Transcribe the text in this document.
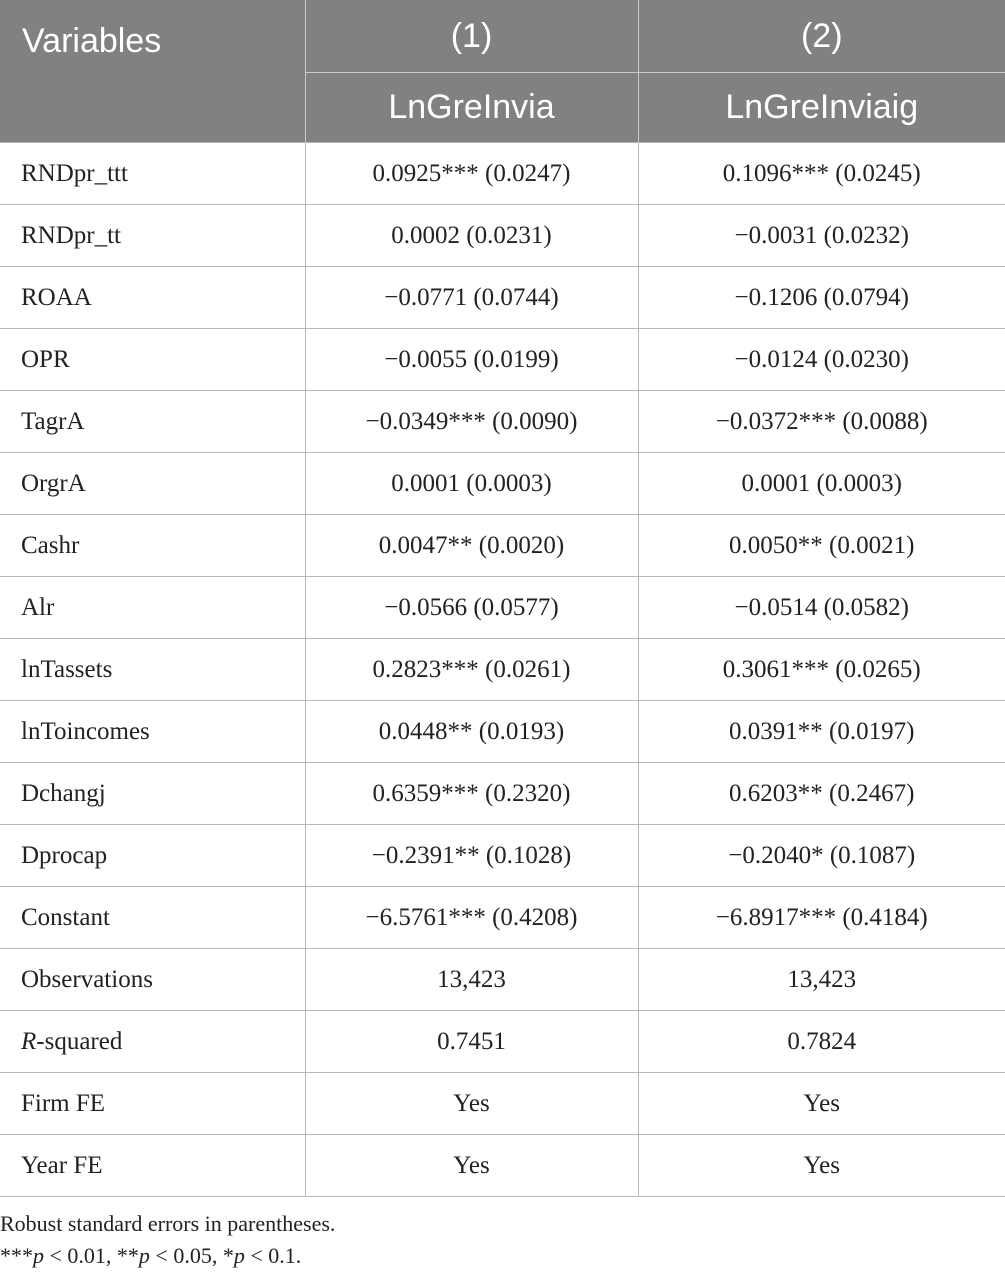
Variables	(1)	(2)
	LnGreInvia	LnGreInviaig
RNDpr_ttt	0.0925*** (0.0247)	0.1096*** (0.0245)
RNDpr_tt	0.0002 (0.0231)	−0.0031 (0.0232)
ROAA	−0.0771 (0.0744)	−0.1206 (0.0794)
OPR	−0.0055 (0.0199)	−0.0124 (0.0230)
TagrA	−0.0349*** (0.0090)	−0.0372*** (0.0088)
OrgrA	0.0001 (0.0003)	0.0001 (0.0003)
Cashr	0.0047** (0.0020)	0.0050** (0.0021)
Alr	−0.0566 (0.0577)	−0.0514 (0.0582)
lnTassets	0.2823*** (0.0261)	0.3061*** (0.0265)
lnToincomes	0.0448** (0.0193)	0.0391** (0.0197)
Dchangj	0.6359*** (0.2320)	0.6203** (0.2467)
Dprocap	−0.2391** (0.1028)	−0.2040* (0.1087)
Constant	−6.5761*** (0.4208)	−6.8917*** (0.4184)
Observations	13,423	13,423
R-squared	0.7451	0.7824
Firm FE	Yes	Yes
Year FE	Yes	Yes

Robust standard errors in parentheses.

***p < 0.01, **p < 0.05, *p < 0.1.
